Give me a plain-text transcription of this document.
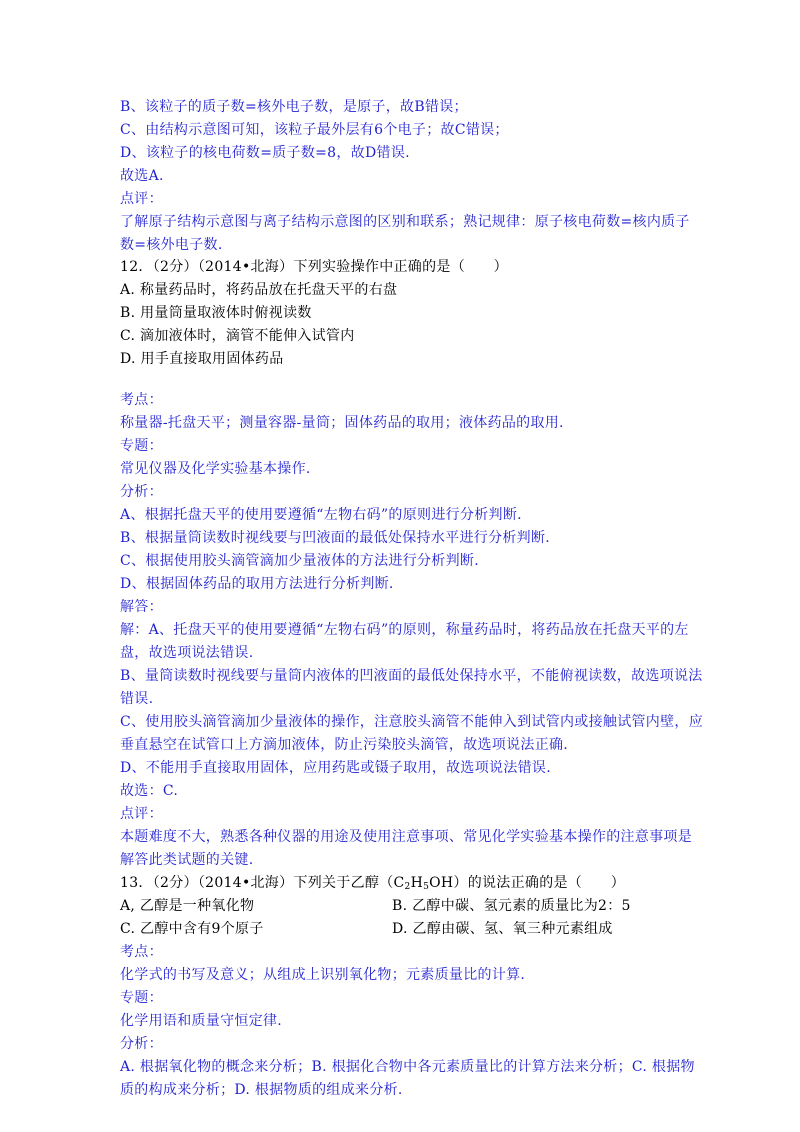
B、该粒子的质子数=核外电子数，是原子，故B错误；
C、由结构示意图可知，该粒子最外层有6个电子；故C错误；
D、该粒子的核电荷数=质子数=8，故D错误.
故选A.
点评：
了解原子结构示意图与离子结构示意图的区别和联系；熟记规律：原子核电荷数=核内质子
数=核外电子数.
12．（2分）（2014•北海）下列实验操作中正确的是（　　）
A. 称量药品时，将药品放在托盘天平的右盘
B. 用量筒量取液体时俯视读数
C. 滴加液体时，滴管不能伸入试管内
D. 用手直接取用固体药品
考点：
称量器-托盘天平；测量容器-量筒；固体药品的取用；液体药品的取用.
专题：
常见仪器及化学实验基本操作.
分析：
A、根据托盘天平的使用要遵循“左物右码”的原则进行分析判断.
B、根据量筒读数时视线要与凹液面的最低处保持水平进行分析判断.
C、根据使用胶头滴管滴加少量液体的方法进行分析判断.
D、根据固体药品的取用方法进行分析判断.
解答：
解：A、托盘天平的使用要遵循“左物右码”的原则，称量药品时，将药品放在托盘天平的左
盘，故选项说法错误.
B、量筒读数时视线要与量筒内液体的凹液面的最低处保持水平，不能俯视读数，故选项说法
错误.
C、使用胶头滴管滴加少量液体的操作，注意胶头滴管不能伸入到试管内或接触试管内壁，应
垂直悬空在试管口上方滴加液体，防止污染胶头滴管，故选项说法正确.
D、不能用手直接取用固体，应用药匙或镊子取用，故选项说法错误.
故选：C.
点评：
本题难度不大，熟悉各种仪器的用途及使用注意事项、常见化学实验基本操作的注意事项是
解答此类试题的关键.
13．（2分）（2014•北海）下列关于乙醇$(C_2H_5OH)$的说法正确的是（　　）
A, 乙醇是一种氧化物	B. 乙醇中碳、氢元素的质量比为2：5
C. 乙醇中含有9个原子	D. 乙醇由碳、氢、氧三种元素组成
考点：
化学式的书写及意义；从组成上识别氧化物；元素质量比的计算.
专题：
化学用语和质量守恒定律.
分析：
A. 根据氧化物的概念来分析；B. 根据化合物中各元素质量比的计算方法来分析；C. 根据物
质的构成来分析；D. 根据物质的组成来分析.
